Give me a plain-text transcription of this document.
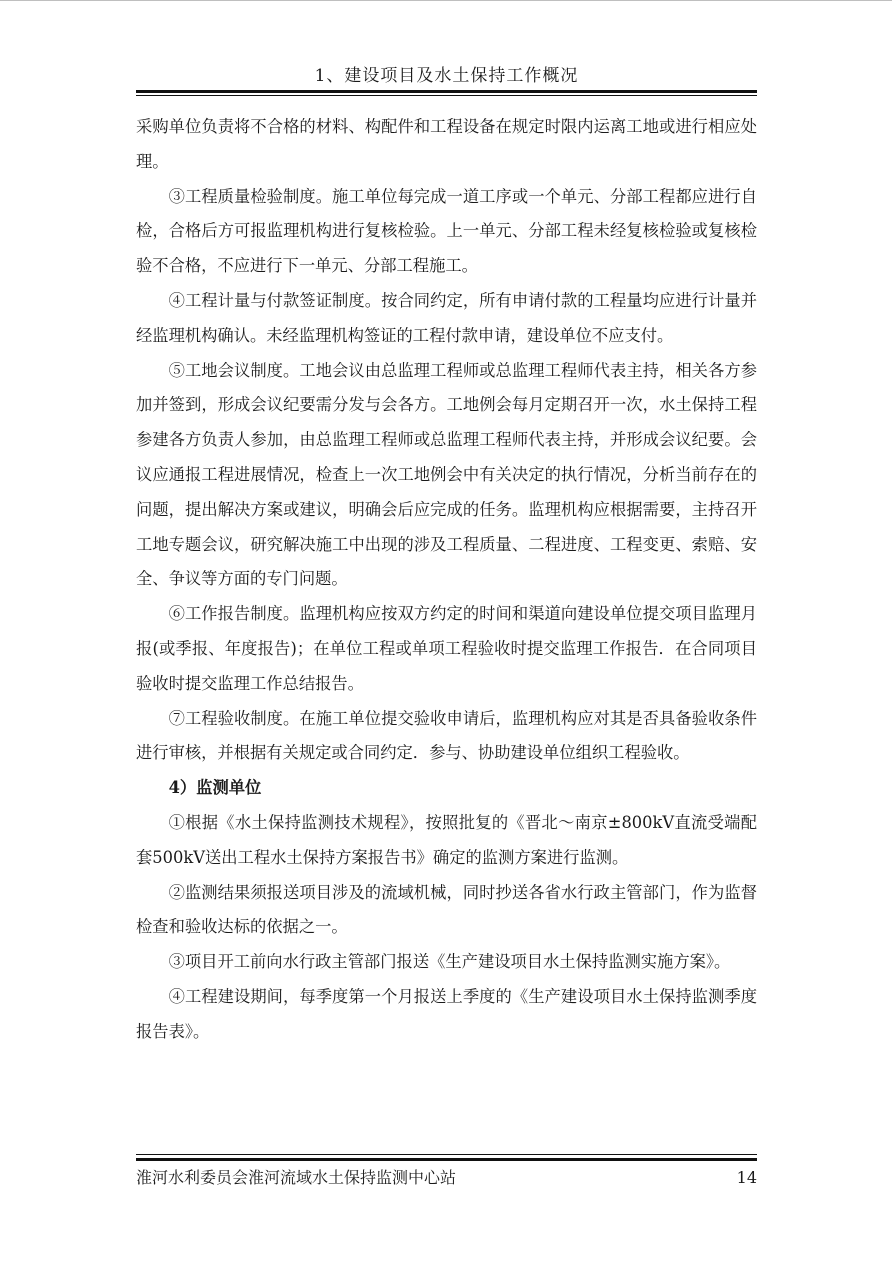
1、建设项目及水土保持工作概况

采购单位负责将不合格的材料、构配件和工程设备在规定时限内运离工地或进行相应处理。

③工程质量检验制度。施工单位每完成一道工序或一个单元、分部工程都应进行自检，合格后方可报监理机构进行复核检验。上一单元、分部工程未经复核检验或复核检验不合格，不应进行下一单元、分部工程施工。

④工程计量与付款签证制度。按合同约定，所有申请付款的工程量均应进行计量并经监理机构确认。未经监理机构签证的工程付款申请，建设单位不应支付。

⑤工地会议制度。工地会议由总监理工程师或总监理工程师代表主持，相关各方参加并签到，形成会议纪要需分发与会各方。工地例会每月定期召开一次，水土保持工程参建各方负责人参加，由总监理工程师或总监理工程师代表主持，并形成会议纪要。会议应通报工程进展情况，检查上一次工地例会中有关决定的执行情况，分析当前存在的问题，提出解决方案或建议，明确会后应完成的任务。监理机构应根据需要，主持召开工地专题会议，研究解决施工中出现的涉及工程质量、二程进度、工程变更、索赔、安全、争议等方面的专门问题。

⑥工作报告制度。监理机构应按双方约定的时间和渠道向建设单位提交项目监理月报(或季报、年度报告)；在单位工程或单项工程验收时提交监理工作报告．在合同项目验收时提交监理工作总结报告。

⑦工程验收制度。在施工单位提交验收申请后，监理机构应对其是否具备验收条件进行审核，并根据有关规定或合同约定．参与、协助建设单位组织工程验收。

4）监测单位

①根据《水土保持监测技术规程》，按照批复的《晋北～南京±800kV直流受端配套500kV送出工程水土保持方案报告书》确定的监测方案进行监测。

②监测结果须报送项目涉及的流域机械，同时抄送各省水行政主管部门，作为监督检查和验收达标的依据之一。

③项目开工前向水行政主管部门报送《生产建设项目水土保持监测实施方案》。

④工程建设期间，每季度第一个月报送上季度的《生产建设项目水土保持监测季度报告表》。

淮河水利委员会淮河流域水土保持监测中心站	14
